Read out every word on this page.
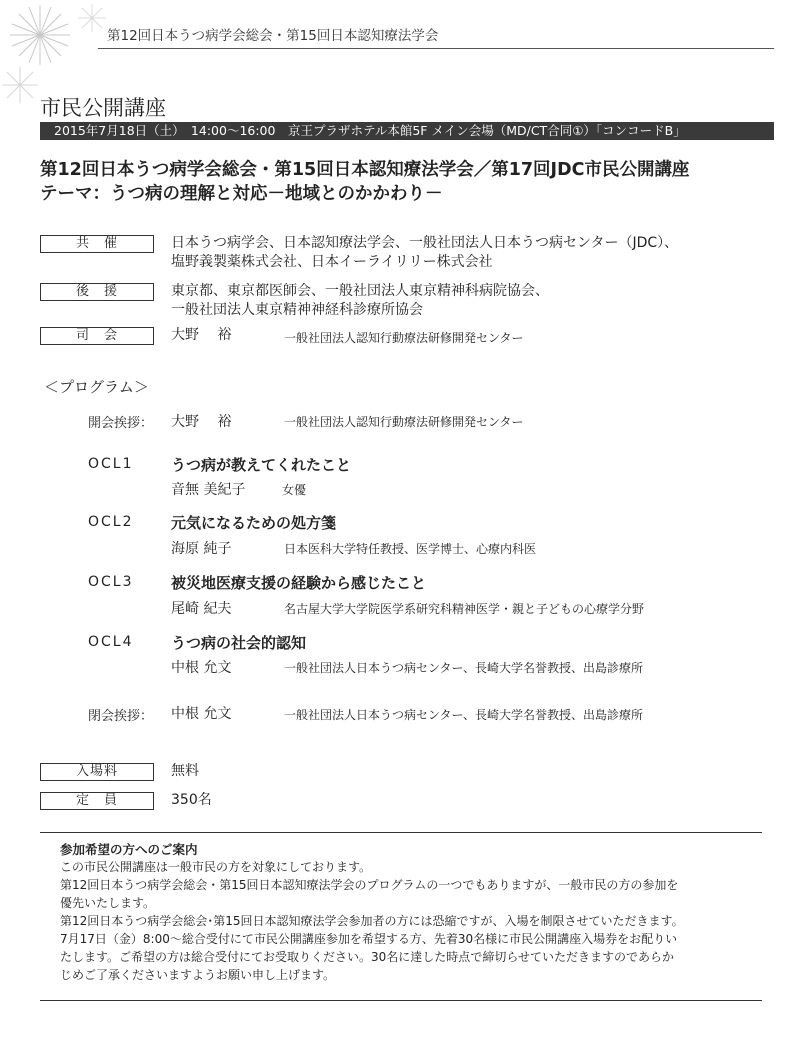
第12回日本うつ病学会総会・第15回日本認知療法学会
市民公開講座
2015年7月18日（土）　14:00～16:00　京王プラザホテル本館5F メイン会場（MD/CT合同①）「コンコードB」
第12回日本うつ病学会総会・第15回日本認知療法学会／第17回JDC市民公開講座
テーマ：うつ病の理解と対応－地域とのかかわり－
共　催	日本うつ病学会、日本認知療法学会、一般社団法人日本うつ病センター（JDC）、
塩野義製薬株式会社、日本イーライリリー株式会社
後　援	東京都、東京都医師会、一般社団法人東京精神科病院協会、
一般社団法人東京精神神経科診療所協会
司　会	大野　 裕	一般社団法人認知行動療法研修開発センター
＜プログラム＞
開会挨拶： 大野　 裕	一般社団法人認知行動療法研修開発センター
OCL1 うつ病が教えてくれたこと
音無 美紀子	女優
OCL2 元気になるための処方箋
海原 純子	日本医科大学特任教授、医学博士、心療内科医
OCL3 被災地医療支援の経験から感じたこと
尾崎 紀夫	名古屋大学大学院医学系研究科精神医学・親と子どもの心療学分野
OCL4 うつ病の社会的認知
中根 允文	一般社団法人日本うつ病センター、長崎大学名誉教授、出島診療所
閉会挨拶： 中根 允文	一般社団法人日本うつ病センター、長崎大学名誉教授、出島診療所
入場料	無料
定　員	350名
参加希望の方へのご案内

この市民公開講座は一般市民の方を対象にしております。

第12回日本うつ病学会総会・第15回日本認知療法学会のプログラムの一つでもありますが、一般市民の方の参加を

優先いたします。

第12回日本うつ病学会総会･第15回日本認知療法学会参加者の方には恐縮ですが、入場を制限させていただきます。

7月17日（金）8:00～総合受付にて市民公開講座参加を希望する方、先着30名様に市民公開講座入場券をお配りい

たします。ご希望の方は総合受付にてお受取りください。30名に達した時点で締切らせていただきますのであらか

じめご了承くださいますようお願い申し上げます。
